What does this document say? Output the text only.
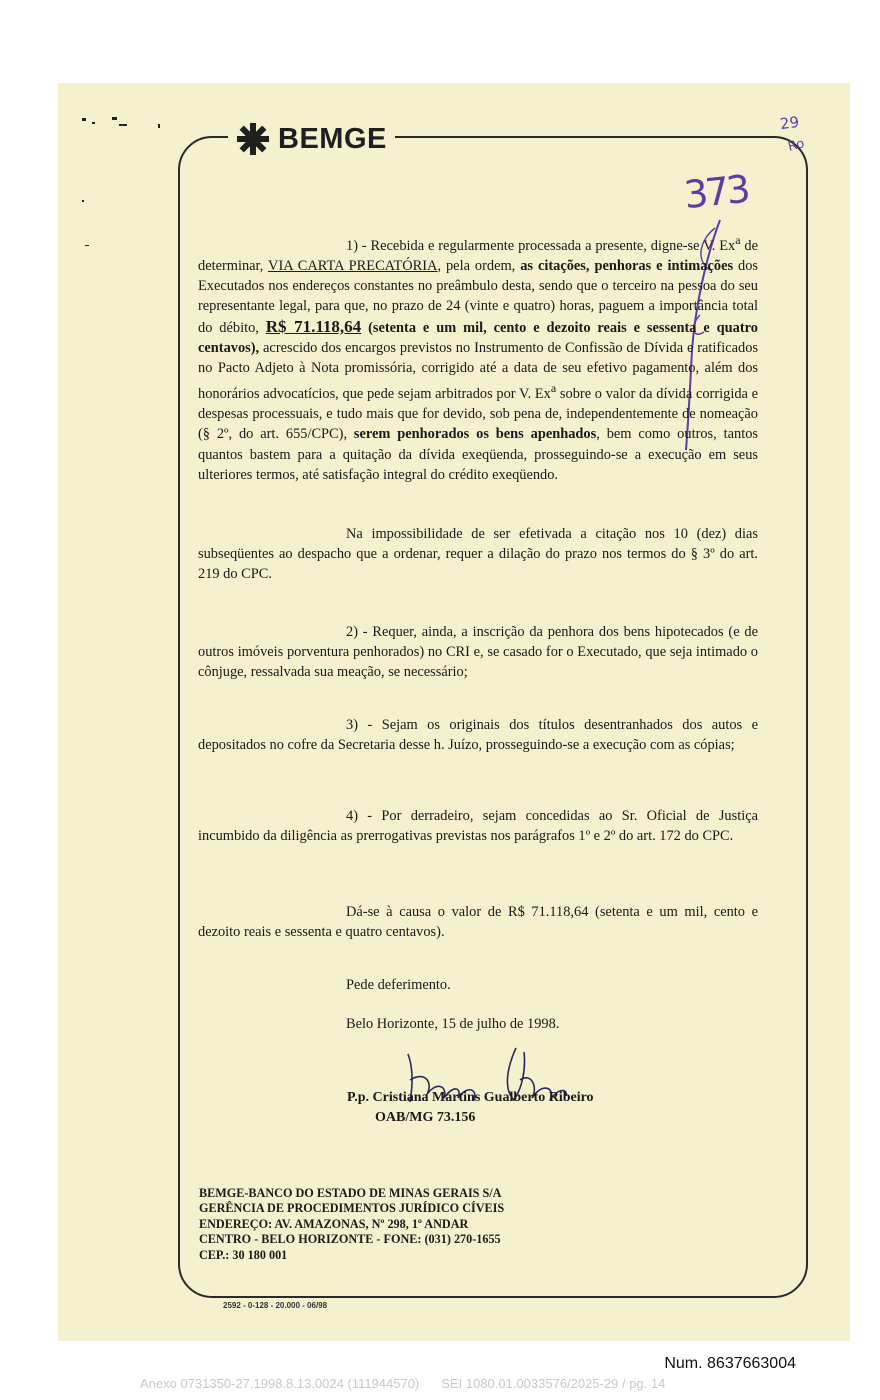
BEMGE	29
Ro
373

1) - Recebida e regularmente processada a presente, digne-se V. Ex$^a$ de determinar, VIA CARTA PRECATÓRIA, pela ordem, as citações, penhoras e intimações dos Executados nos endereços constantes no preâmbulo desta, sendo que o terceiro na pessoa do seu representante legal, para que, no prazo de 24 (vinte e quatro) horas, paguem a importância total do débito, R$ 71.118,64 (setenta e um mil, cento e dezoito reais e sessenta e quatro centavos), acrescido dos encargos previstos no Instrumento de Confissão de Dívida e ratificados no Pacto Adjeto à Nota promissória, corrigido até a data de seu efetivo pagamento, além dos honorários advocatícios, que pede sejam arbitrados por V. Ex$^a$ sobre o valor da dívida corrigida e despesas processuais, e tudo mais que for devido, sob pena de, independentemente de nomeação (§ 2º, do art. 655/CPC), serem penhorados os bens apenhados, bem como outros, tantos quantos bastem para a quitação da dívida exeqüenda, prosseguindo-se a execução em seus ulteriores termos, até satisfação integral do crédito exeqüendo.

Na impossibilidade de ser efetivada a citação nos 10 (dez) dias subseqüentes ao despacho que a ordenar, requer a dilação do prazo nos termos do § 3º do art. 219 do CPC.

2) - Requer, ainda, a inscrição da penhora dos bens hipotecados (e de outros imóveis porventura penhorados) no CRI e, se casado for o Executado, que seja intimado o cônjuge, ressalvada sua meação, se necessário;

3) - Sejam os originais dos títulos desentranhados dos autos e depositados no cofre da Secretaria desse h. Juízo, prosseguindo-se a execução com as cópias;

4) - Por derradeiro, sejam concedidas ao Sr. Oficial de Justiça incumbido da diligência as prerrogativas previstas nos parágrafos 1º e 2º do art. 172 do CPC.

Dá-se à causa o valor de R$ 71.118,64 (setenta e um mil, cento e dezoito reais e sessenta e quatro centavos).

Pede deferimento.
Belo Horizonte, 15 de julho de 1998.
P.p. Cristiana Martins Gualberto Ribeiro
OAB/MG 73.156
BEMGE-BANCO DO ESTADO DE MINAS GERAIS S/A
GERÊNCIA DE PROCEDIMENTOS JURÍDICO CÍVEIS
ENDEREÇO: AV. AMAZONAS, Nº 298, 1º ANDAR
CENTRO - BELO HORIZONTE - FONE: (031) 270-1655
CEP.: 30 180 001
2592 - 0-128 - 20.000 - 06/98
Num. 8637663004
Anexo 0731350-27.1998.8.13.0024 (111944570) SEI 1080.01.0033576/2025-29 / pg. 14
